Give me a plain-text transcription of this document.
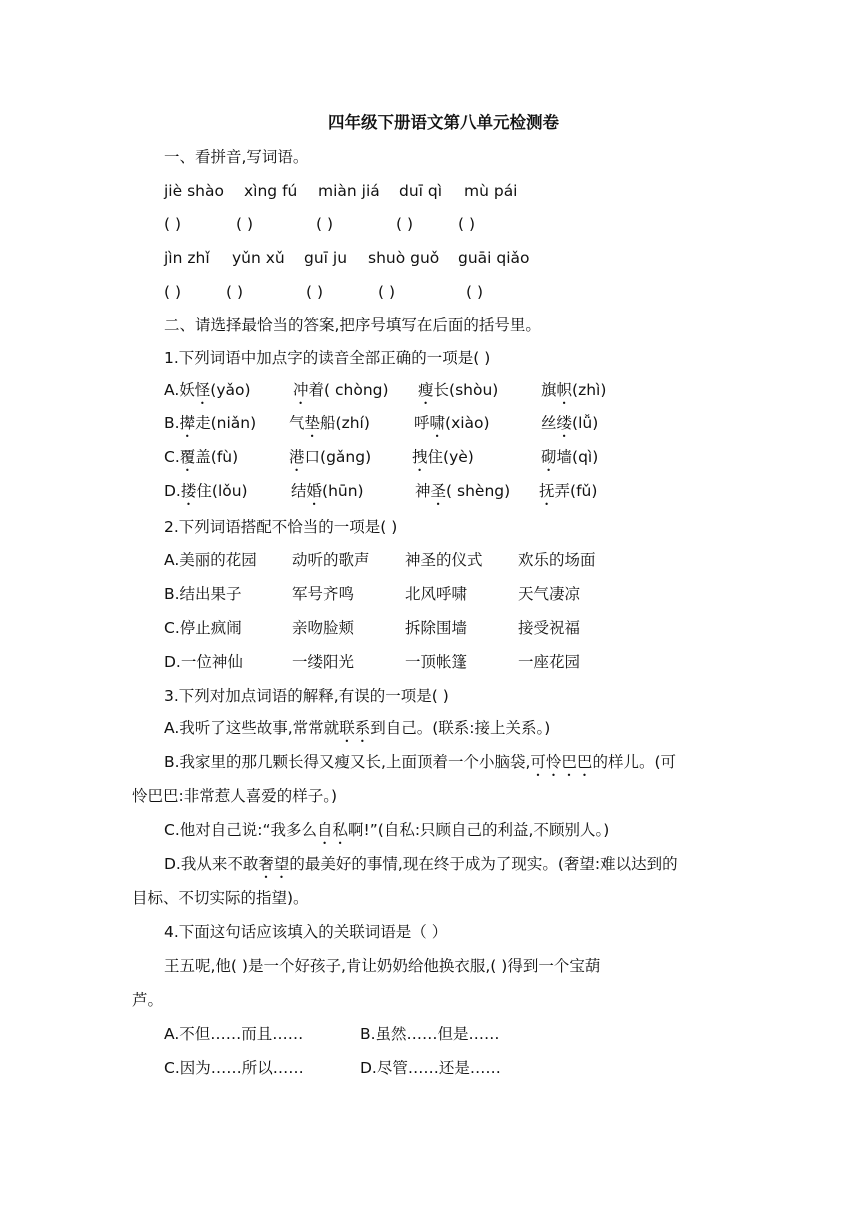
四年级下册语文第八单元检测卷
一、看拼音,写词语。
jiè shào xìng fú miàn jiá duī qì mù pái
( )	( )	( )	( )	( )
jìn zhǐ yǔn xǔ guī ju shuò guǒ guāi qiǎo
( )	( )	( )	( )	( )
二、请选择最恰当的答案,把序号填写在后面的括号里。
1.下列词语中加点字的读音全部正确的一项是( )
A.妖怪(yǎo)	冲着( chòng) 瘦长(shòu)	旗帜(zhì)
B.撵走(niǎn) 气垫船(zhí)	呼啸(xiào)	丝缕(lǚ)
C.覆盖(fù)	港口(gǎng)	拽住(yè)	砌墙(qì)
D.搂住(lǒu)	结婚(hūn)	神圣( shèng) 抚弄(fǔ)
2.下列词语搭配不恰当的一项是( )
A.美丽的花园 动听的歌声 神圣的仪式 欢乐的场面
B.结出果子	军号齐鸣	北风呼啸	天气凄凉
C.停止疯闹	亲吻脸颊	拆除围墙	接受祝福
D.一位神仙	一缕阳光	一顶帐篷	一座花园
3.下列对加点词语的解释,有误的一项是( )
A.我听了这些故事,常常就联系到自己。(联系:接上关系。)
B.我家里的那几颗长得又瘦又长,上面顶着一个小脑袋,可怜巴巴的样儿。(可
怜巴巴:非常惹人喜爱的样子。)
C.他对自己说:“我多么自私啊!”(自私:只顾自己的利益,不顾别人。)
D.我从来不敢奢望的最美好的事情,现在终于成为了现实。(奢望:难以达到的
目标、不切实际的指望)。
4.下面这句话应该填入的关联词语是（ ）
王五呢,他( )是一个好孩子,肯让奶奶给他换衣服,( )得到一个宝葫
芦。
A.不但……而且……	B.虽然……但是……
C.因为……所以……	D.尽管……还是……
